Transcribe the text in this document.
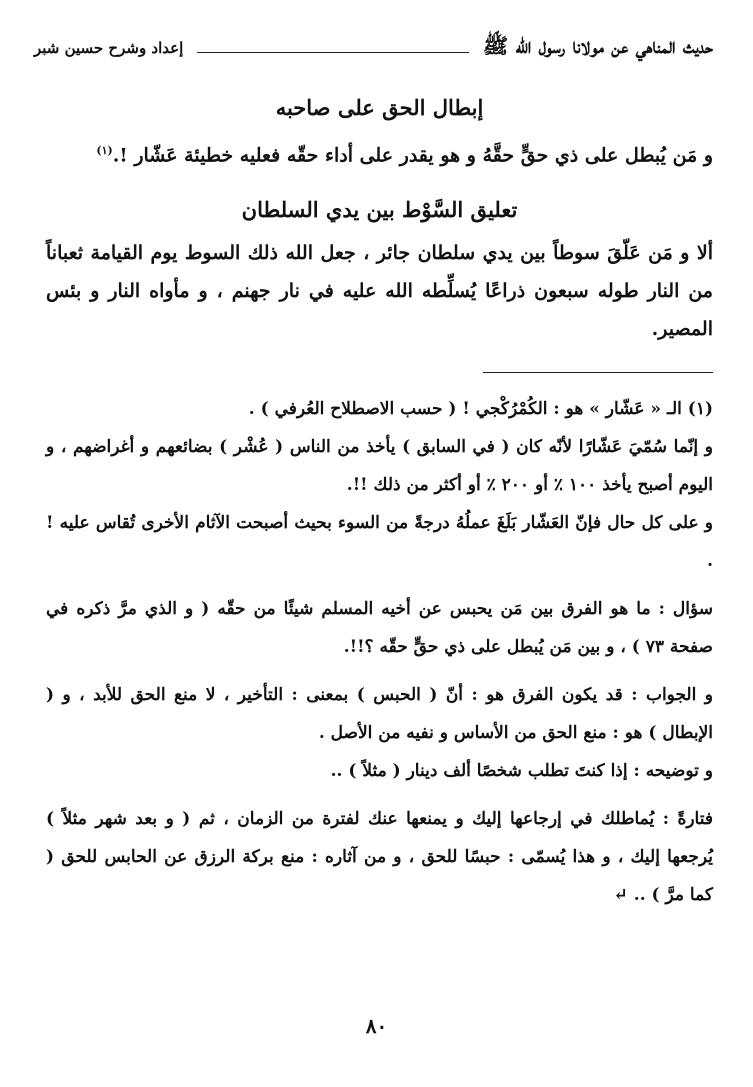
حديث المناهي عن مولانا رسول الله ﷺ
إعداد وشرح حسين شبر
إبطال الحق على صاحبه

و مَن يُبطل على ذي حقٍّ حقَّهُ و هو يقدر على أداء حقّه فعليه خطيئة عَشّار !.$^{(١)}$

تعليق السَّوْط بين يدي السلطان

ألا و مَن عَلّقَ سوطاً بين يدي سلطان جائر ، جعل الله ذلك السوط يوم القيامة ثعباناً من النار طوله سبعون ذراعًا يُسلِّطه الله عليه في نار جهنم ، و مأواه النار و بئس المصير.

(١) الـ « عَشّار » هو : الكُمْرُكْجي ! ( حسب الاصطلاح العُرفي ) .

و إنّما سُمّيَ عَشّارًا لأنّه كان ( في السابق ) يأخذ من الناس ( عُشْر ) بضائعهم و أغراضهم ، و اليوم أصبح يأخذ ١٠٠ ٪ أو ٢٠٠ ٪ أو أكثر من ذلك !!.

و على كل حال فإنّ العَشّار بَلَغَ عملُهُ درجةً من السوء بحيث أصبحت الآثام الأخرى تُقاس عليه ! .

سؤال : ما هو الفرق بين مَن يحبس عن أخيه المسلم شيئًا من حقّه ( و الذي مرَّ ذكره في صفحة ٧٣ ) ، و بين مَن يُبطل على ذي حقٍّ حقّه ؟!!.

و الجواب : قد يكون الفرق هو : أنّ ( الحبس ) بمعنى : التأخير ، لا منع الحق للأبد ، و ( الإبطال ) هو : منع الحق من الأساس و نفيه من الأصل .

و توضيحه : إذا كنتَ تطلب شخصًا ألف دينار ( مثلاً ) ..

فتارةً : يُماطلك في إرجاعها إليك و يمنعها عنك لفترة من الزمان ، ثم ( و بعد شهر مثلاً ) يُرجعها إليك ، و هذا يُسمّى : حبسًا للحق ، و من آثاره : منع بركة الرزق عن الحابس للحق ( كما مرَّ ) .. ↵

٨٠
